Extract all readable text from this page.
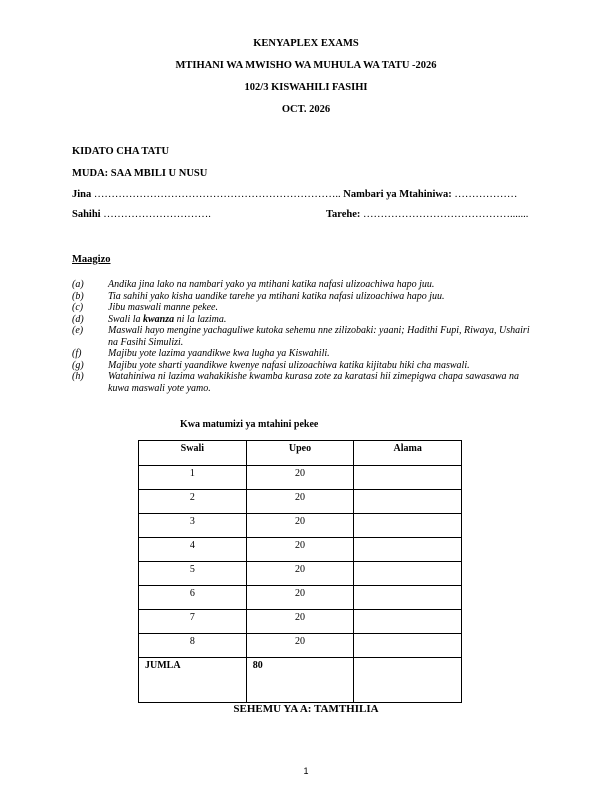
KENYAPLEX EXAMS
MTIHANI WA MWISHO WA MUHULA WA TATU -2026
102/3 KISWAHILI FASIHI
OCT. 2026
KIDATO CHA TATU
MUDA: SAA MBILI U NUSU
Jina …………………………………………………………….. Nambari ya Mtahiniwa: ………………
Sahihi ………………………….	Tarehe: …………………………………….......
Maagizo
(a)	Andika jina lako na nambari yako ya mtihani katika nafasi ulizoachiwa hapo juu.
(b)	Tia sahihi yako kisha uandike tarehe ya mtihani katika nafasi ulizoachiwa hapo juu.
(c)	Jibu maswali manne pekee.
(d)	Swali la kwanza ni la lazima.
(e)	Maswali hayo mengine yachaguliwe kutoka sehemu nne zilizobaki: yaani; Hadithi Fupi, Riwaya, Ushairi na Fasihi Simulizi.
(f)	Majibu yote lazima yaandikwe kwa lugha ya Kiswahili.
(g)	Majibu yote sharti yaandikwe kwenye nafasi ulizoachiwa katika kijitabu hiki cha maswali.
(h)	Watahiniwa ni lazima wahakikishe kwamba kurasa zote za karatasi hii zimepigwa chapa sawasawa na kuwa maswali yote yamo.
Kwa matumizi ya mtahini pekee
Swali	Upeo	Alama
1	20	
2	20	
3	20	
4	20	
5	20	
6	20	
7	20	
8	20	
JUMLA	80	
SEHEMU YA A: TAMTHILIA
1
